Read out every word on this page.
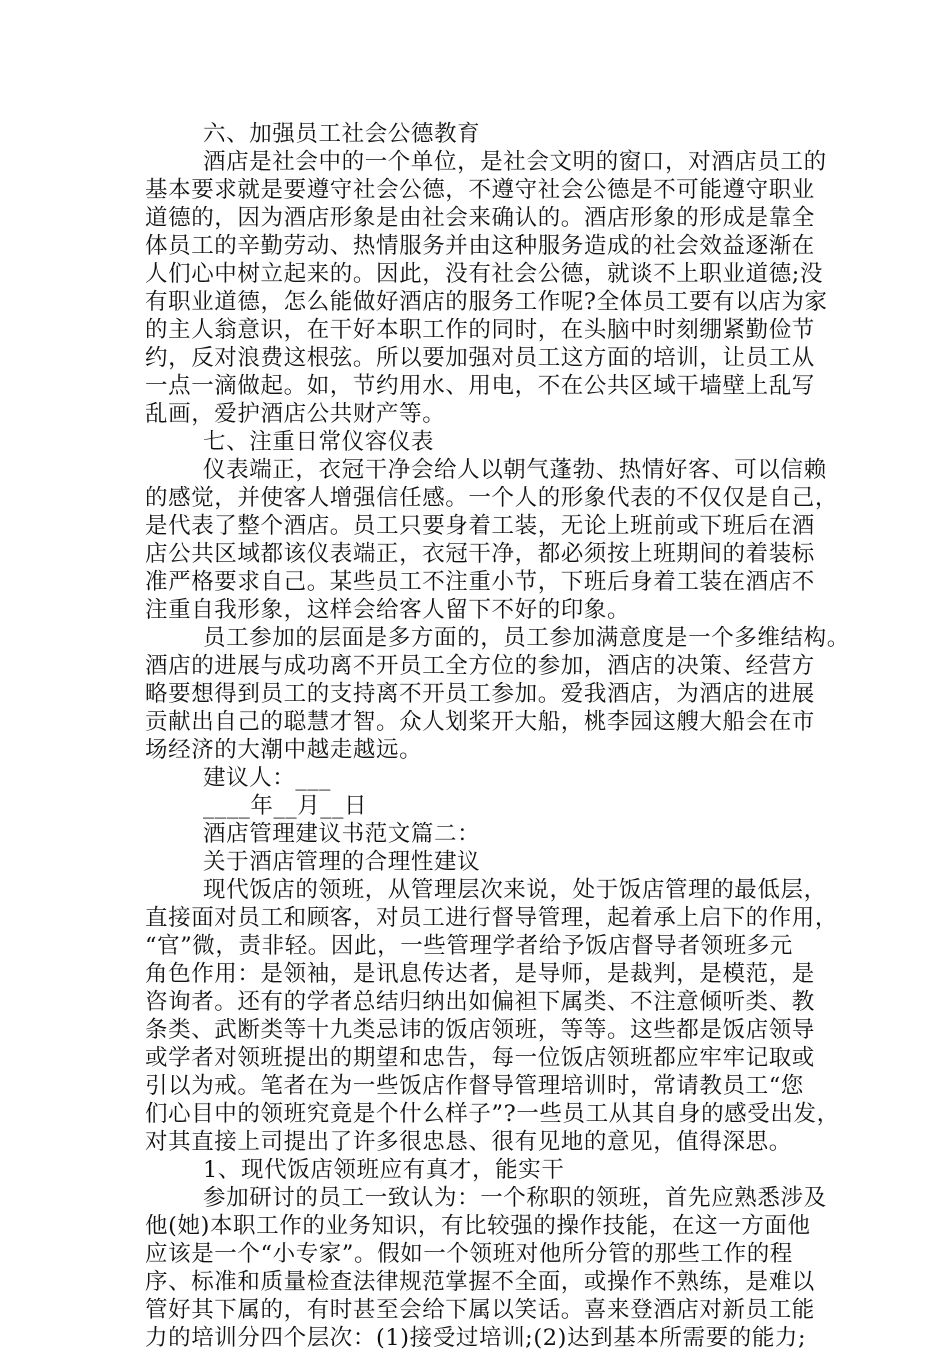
六、加强员工社会公德教育
酒店是社会中的一个单位，是社会文明的窗口，对酒店员工的
基本要求就是要遵守社会公德，不遵守社会公德是不可能遵守职业
道德的，因为酒店形象是由社会来确认的。酒店形象的形成是靠全
体员工的辛勤劳动、热情服务并由这种服务造成的社会效益逐渐在
人们心中树立起来的。因此，没有社会公德，就谈不上职业道德;没
有职业道德，怎么能做好酒店的服务工作呢?全体员工要有以店为家
的主人翁意识，在干好本职工作的同时，在头脑中时刻绷紧勤俭节
约，反对浪费这根弦。所以要加强对员工这方面的培训，让员工从
一点一滴做起。如，节约用水、用电，不在公共区域干墙壁上乱写
乱画，爱护酒店公共财产等。
七、注重日常仪容仪表
仪表端正，衣冠干净会给人以朝气蓬勃、热情好客、可以信赖
的感觉，并使客人增强信任感。一个人的形象代表的不仅仅是自己，
是代表了整个酒店。员工只要身着工装，无论上班前或下班后在酒
店公共区域都该仪表端正，衣冠干净，都必须按上班期间的着装标
准严格要求自己。某些员工不注重小节，下班后身着工装在酒店不
注重自我形象，这样会给客人留下不好的印象。
员工参加的层面是多方面的，员工参加满意度是一个多维结构。
酒店的进展与成功离不开员工全方位的参加，酒店的决策、经营方
略要想得到员工的支持离不开员工参加。爱我酒店，为酒店的进展
贡献出自己的聪慧才智。众人划桨开大船，桃李园这艘大船会在市
场经济的大潮中越走越远。
建议人：___
____年__月__日
酒店管理建议书范文篇二：
关于酒店管理的合理性建议
现代饭店的领班，从管理层次来说，处于饭店管理的最低层，
直接面对员工和顾客，对员工进行督导管理，起着承上启下的作用，
“官”微，责非轻。因此，一些管理学者给予饭店督导者领班多元
角色作用：是领袖，是讯息传达者，是导师，是裁判，是模范，是
咨询者。还有的学者总结归纳出如偏袒下属类、不注意倾听类、教
条类、武断类等十九类忌讳的饭店领班，等等。这些都是饭店领导
或学者对领班提出的期望和忠告，每一位饭店领班都应牢牢记取或
引以为戒。笔者在为一些饭店作督导管理培训时，常请教员工“您
们心目中的领班究竟是个什么样子”?一些员工从其自身的感受出发，
对其直接上司提出了许多很忠恳、很有见地的意见，值得深思。
1、现代饭店领班应有真才，能实干
参加研讨的员工一致认为：一个称职的领班，首先应熟悉涉及
他(她)本职工作的业务知识，有比较强的操作技能，在这一方面他
应该是一个“小专家”。假如一个领班对他所分管的那些工作的程
序、标准和质量检查法律规范掌握不全面，或操作不熟练，是难以
管好其下属的，有时甚至会给下属以笑话。喜来登酒店对新员工能
力的培训分四个层次：(1)接受过培训;(2)达到基本所需要的能力;
